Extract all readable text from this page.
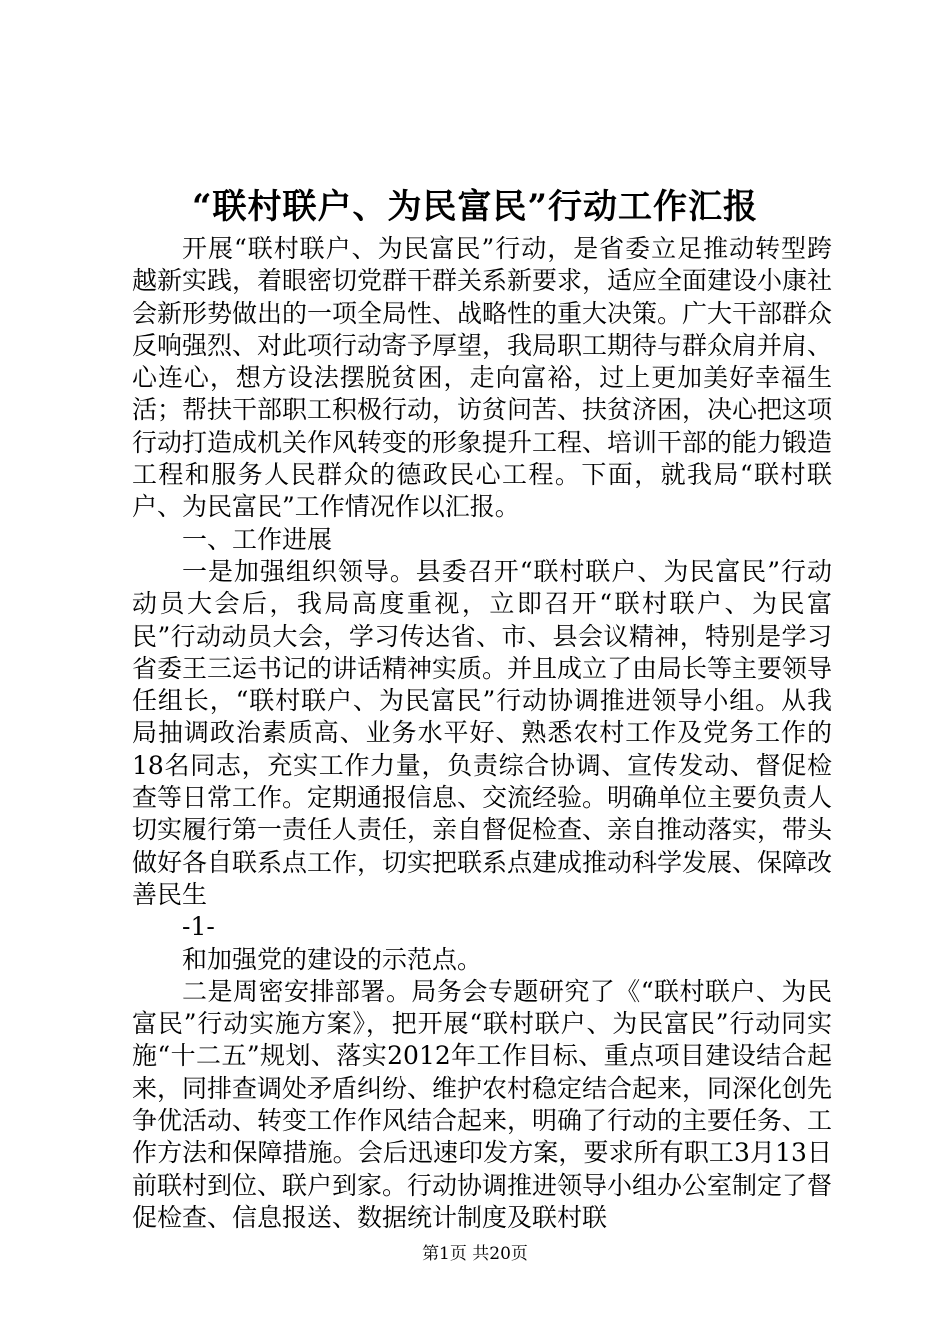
“联村联户、为民富民”行动工作汇报

开展“联村联户、为民富民”行动，是省委立足推动转型跨越新实践，着眼密切党群干群关系新要求，适应全面建设小康社会新形势做出的一项全局性、战略性的重大决策。广大干部群众反响强烈、对此项行动寄予厚望，我局职工期待与群众肩并肩、心连心，想方设法摆脱贫困，走向富裕，过上更加美好幸福生活；帮扶干部职工积极行动，访贫问苦、扶贫济困，决心把这项行动打造成机关作风转变的形象提升工程、培训干部的能力锻造工程和服务人民群众的德政民心工程。下面，就我局“联村联户、为民富民”工作情况作以汇报。

一、工作进展

一是加强组织领导。县委召开“联村联户、为民富民”行动动员大会后，我局高度重视，立即召开“联村联户、为民富民”行动动员大会，学习传达省、市、县会议精神，特别是学习省委王三运书记的讲话精神实质。并且成立了由局长等主要领导任组长，“联村联户、为民富民”行动协调推进领导小组。从我局抽调政治素质高、业务水平好、熟悉农村工作及党务工作的18名同志，充实工作力量，负责综合协调、宣传发动、督促检查等日常工作。定期通报信息、交流经验。明确单位主要负责人切实履行第一责任人责任，亲自督促检查、亲自推动落实，带头做好各自联系点工作，切实把联系点建成推动科学发展、保障改善民生

-1-

和加强党的建设的示范点。

二是周密安排部署。局务会专题研究了《“联村联户、为民富民”行动实施方案》，把开展“联村联户、为民富民”行动同实施“十二五”规划、落实2012年工作目标、重点项目建设结合起来，同排查调处矛盾纠纷、维护农村稳定结合起来，同深化创先争优活动、转变工作作风结合起来，明确了行动的主要任务、工作方法和保障措施。会后迅速印发方案，要求所有职工3月13日前联村到位、联户到家。行动协调推进领导小组办公室制定了督促检查、信息报送、数据统计制度及联村联

第1页 共20页
